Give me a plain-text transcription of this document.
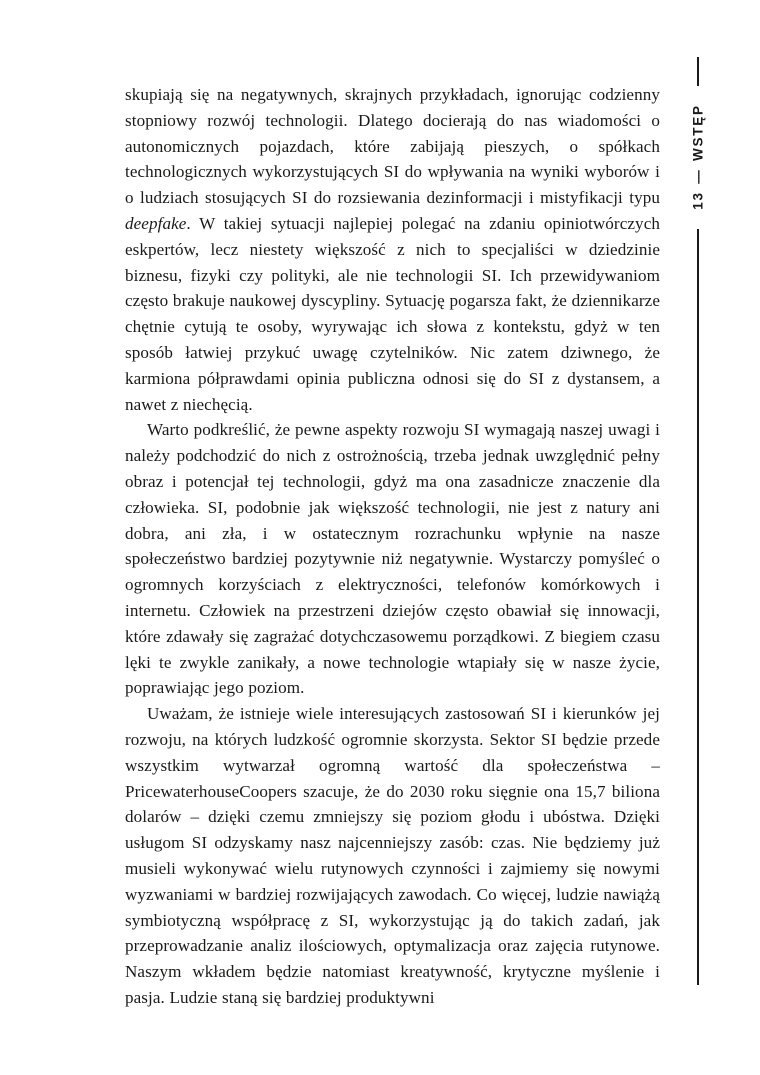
skupiają się na negatywnych, skrajnych przykładach, ignorując codzienny stopniowy rozwój technologii. Dlatego docierają do nas wiadomości o autonomicznych pojazdach, które zabijają pieszych, o spółkach technologicznych wykorzystujących SI do wpływania na wyniki wyborów i o ludziach stosujących SI do rozsiewania dezinformacji i mistyfikacji typu deepfake. W takiej sytuacji najlepiej polegać na zdaniu opiniotwórczych eskpertów, lecz niestety większość z nich to specjaliści w dziedzinie biznesu, fizyki czy polityki, ale nie technologii SI. Ich przewidywaniom często brakuje naukowej dyscypliny. Sytuację pogarsza fakt, że dziennikarze chętnie cytują te osoby, wyrywając ich słowa z kontekstu, gdyż w ten sposób łatwiej przykuć uwagę czytelników. Nic zatem dziwnego, że karmiona półprawdami opinia publiczna odnosi się do SI z dystansem, a nawet z niechęcią.

Warto podkreślić, że pewne aspekty rozwoju SI wymagają naszej uwagi i należy podchodzić do nich z ostrożnością, trzeba jednak uwzględnić pełny obraz i potencjał tej technologii, gdyż ma ona zasadnicze znaczenie dla człowieka. SI, podobnie jak większość technologii, nie jest z natury ani dobra, ani zła, i w ostatecznym rozrachunku wpłynie na nasze społeczeństwo bardziej pozytywnie niż negatywnie. Wystarczy pomyśleć o ogromnych korzyściach z elektryczności, telefonów komórkowych i internetu. Człowiek na przestrzeni dziejów często obawiał się innowacji, które zdawały się zagrażać dotychczasowemu porządkowi. Z biegiem czasu lęki te zwykle zanikały, a nowe technologie wtapiały się w nasze życie, poprawiając jego poziom.

Uważam, że istnieje wiele interesujących zastosowań SI i kierunków jej rozwoju, na których ludzkość ogromnie skorzysta. Sektor SI będzie przede wszystkim wytwarzał ogromną wartość dla społeczeństwa – PricewaterhouseCoopers szacuje, że do 2030 roku sięgnie ona 15,7 biliona dolarów – dzięki czemu zmniejszy się poziom głodu i ubóstwa. Dzięki usługom SI odzyskamy nasz najcenniejszy zasób: czas. Nie będziemy już musieli wykonywać wielu rutynowych czynności i zajmiemy się nowymi wyzwaniami w bardziej rozwijających zawodach. Co więcej, ludzie nawiążą symbiotyczną współpracę z SI, wykorzystując ją do takich zadań, jak przeprowadzanie analiz ilościowych, optymalizacja oraz zajęcia rutynowe. Naszym wkładem będzie natomiast kreatywność, krytyczne myślenie i pasja. Ludzie staną się bardziej produktywni

13 — WSTĘP
